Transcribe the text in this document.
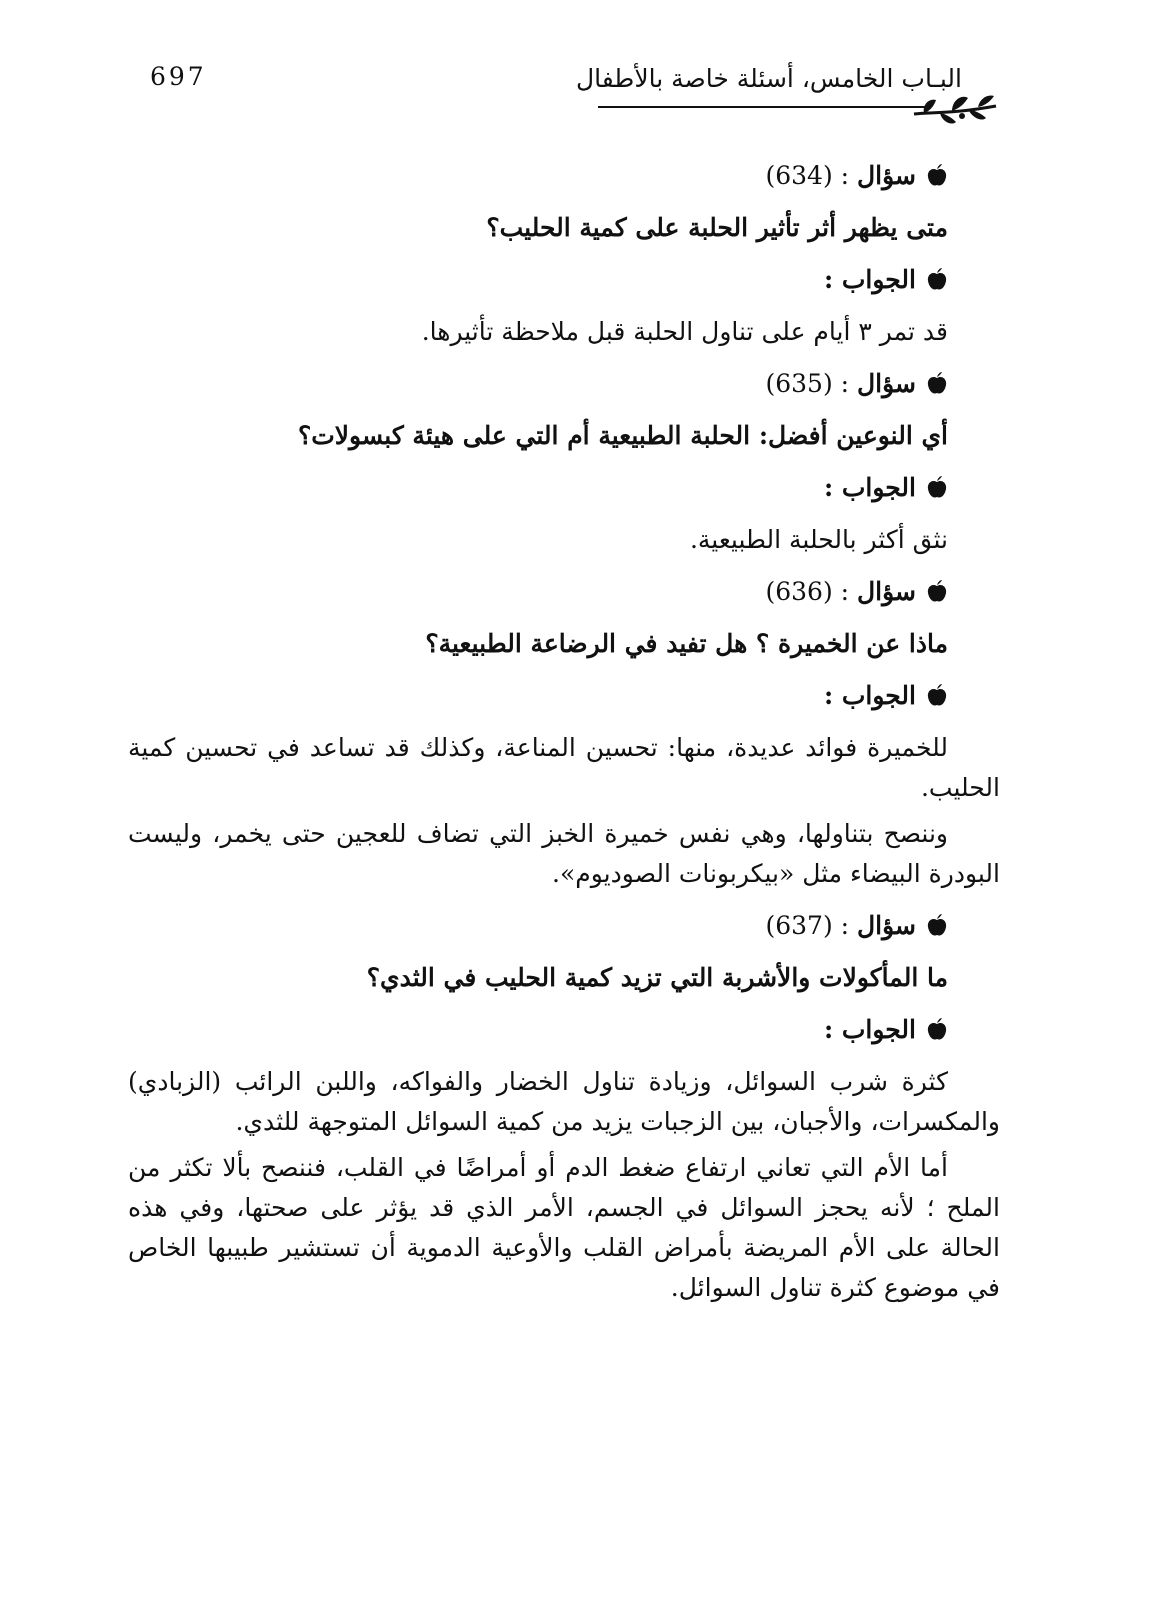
697	البـاب الخامس، أسئلة خاصة بالأطفال
سؤال (634) :
متى يظهر أثر تأثير الحلبة على كمية الحليب؟
الجواب :
قد تمر ٣ أيام على تناول الحلبة قبل ملاحظة تأثيرها.
سؤال (635) :
أي النوعين أفضل: الحلبة الطبيعية أم التي على هيئة كبسولات؟
الجواب :
نثق أكثر بالحلبة الطبيعية.
سؤال (636) :
ماذا عن الخميرة ؟ هل تفيد في الرضاعة الطبيعية؟
الجواب :

للخميرة فوائد عديدة، منها: تحسين المناعة، وكذلك قد تساعد في تحسين كمية الحليب.

وننصح بتناولها، وهي نفس خميرة الخبز التي تضاف للعجين حتى يخمر، وليست البودرة البيضاء مثل «بيكربونات الصوديوم».

سؤال (637) :
ما المأكولات والأشربة التي تزيد كمية الحليب في الثدي؟
الجواب :

كثرة شرب السوائل، وزيادة تناول الخضار والفواكه، واللبن الرائب (الزبادي) والمكسرات، والأجبان، بين الزجبات يزيد من كمية السوائل المتوجهة للثدي.

أما الأم التي تعاني ارتفاع ضغط الدم أو أمراضًا في القلب، فننصح بألا تكثر من الملح ؛ لأنه يحجز السوائل في الجسم، الأمر الذي قد يؤثر على صحتها، وفي هذه الحالة على الأم المريضة بأمراض القلب والأوعية الدموية أن تستشير طبيبها الخاص في موضوع كثرة تناول السوائل.
